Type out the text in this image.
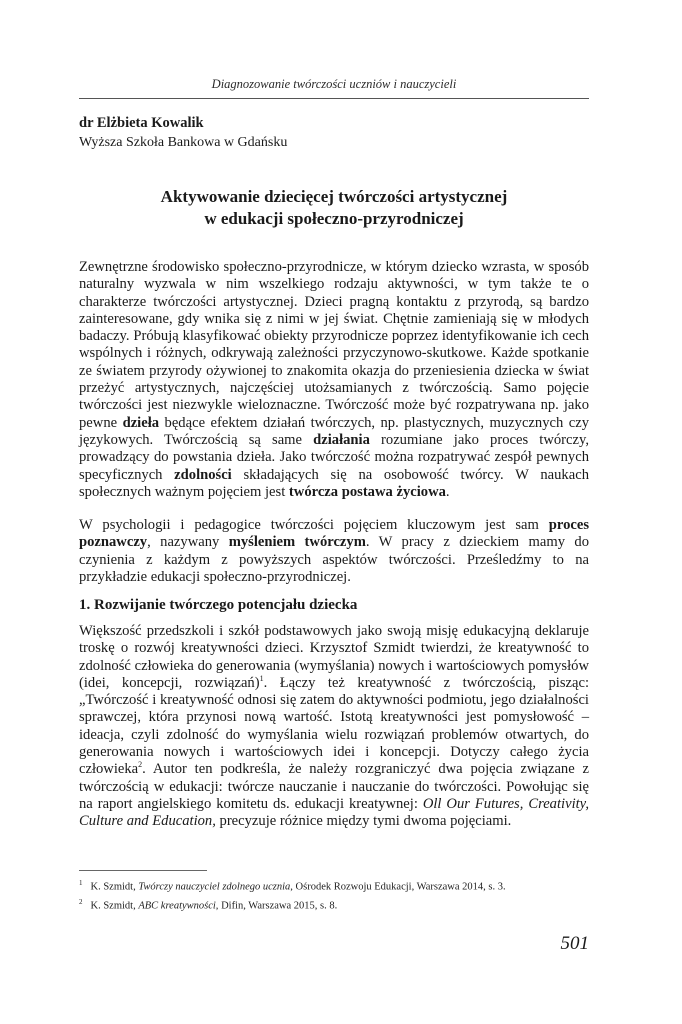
Diagnozowanie twórczości uczniów i nauczycieli
dr Elżbieta Kowalik
Wyższa Szkoła Bankowa w Gdańsku
Aktywowanie dziecięcej twórczości artystycznej
w edukacji społeczno-przyrodniczej

Zewnętrzne środowisko społeczno-przyrodnicze, w którym dziecko wzrasta, w sposób naturalny wyzwala w nim wszelkiego rodzaju aktywności, w tym także te o charakterze twórczości artystycznej. Dzieci pragną kontaktu z przyrodą, są bardzo zainteresowane, gdy wnika się z nimi w jej świat. Chętnie zamieniają się w młodych badaczy. Próbują klasyfikować obiekty przyrodnicze poprzez identyfikowanie ich cech wspólnych i różnych, odkrywają zależności przyczynowo-skutkowe. Każde spotkanie ze światem przyrody ożywionej to znakomita okazja do przeniesienia dziecka w świat przeżyć artystycznych, najczęściej utożsamianych z twórczością. Samo pojęcie twórczości jest niezwykle wieloznaczne. Twórczość może być rozpatrywana np. jako pewne dzieła będące efektem działań twórczych, np. plastycznych, muzycznych czy językowych. Twórczością są same działania rozumiane jako proces twórczy, prowadzący do powstania dzieła. Jako twórczość można rozpatrywać zespół pewnych specyficznych zdolności składających się na osobowość twórcy. W naukach społecznych ważnym pojęciem jest twórcza postawa życiowa.

W psychologii i pedagogice twórczości pojęciem kluczowym jest sam proces poznawczy, nazywany myśleniem twórczym. W pracy z dzieckiem mamy do czynienia z każdym z powyższych aspektów twórczości. Prześledźmy to na przykładzie edukacji społeczno-przyrodniczej.

1. Rozwijanie twórczego potencjału dziecka

Większość przedszkoli i szkół podstawowych jako swoją misję edukacyjną deklaruje troskę o rozwój kreatywności dzieci. Krzysztof Szmidt twierdzi, że kreatywność to zdolność człowieka do generowania (wymyślania) nowych i wartościowych pomysłów (idei, koncepcji, rozwiązań)$^1$. Łączy też kreatywność z twórczością, pisząc: „Twórczość i kreatywność odnosi się zatem do aktywności podmiotu, jego działalności sprawczej, która przynosi nową wartość. Istotą kreatywności jest pomysłowość – ideacja, czyli zdolność do wymyślania wielu rozwiązań problemów otwartych, do generowania nowych i wartościowych idei i koncepcji. Dotyczy całego życia człowieka$^2$. Autor ten podkreśla, że należy rozgraniczyć dwa pojęcia związane z twórczością w edukacji: twórcze nauczanie i nauczanie do twórczości. Powołując się na raport angielskiego komitetu ds. edukacji kreatywnej: Oll Our Futures, Creativity, Culture and Education, precyzuje różnice między tymi dwoma pojęciami.

$^1$ K. Szmidt, Twórczy nauczyciel zdolnego ucznia, Ośrodek Rozwoju Edukacji, Warszawa 2014, s. 3.
$^2$ K. Szmidt, ABC kreatywności, Difin, Warszawa 2015, s. 8.
501
